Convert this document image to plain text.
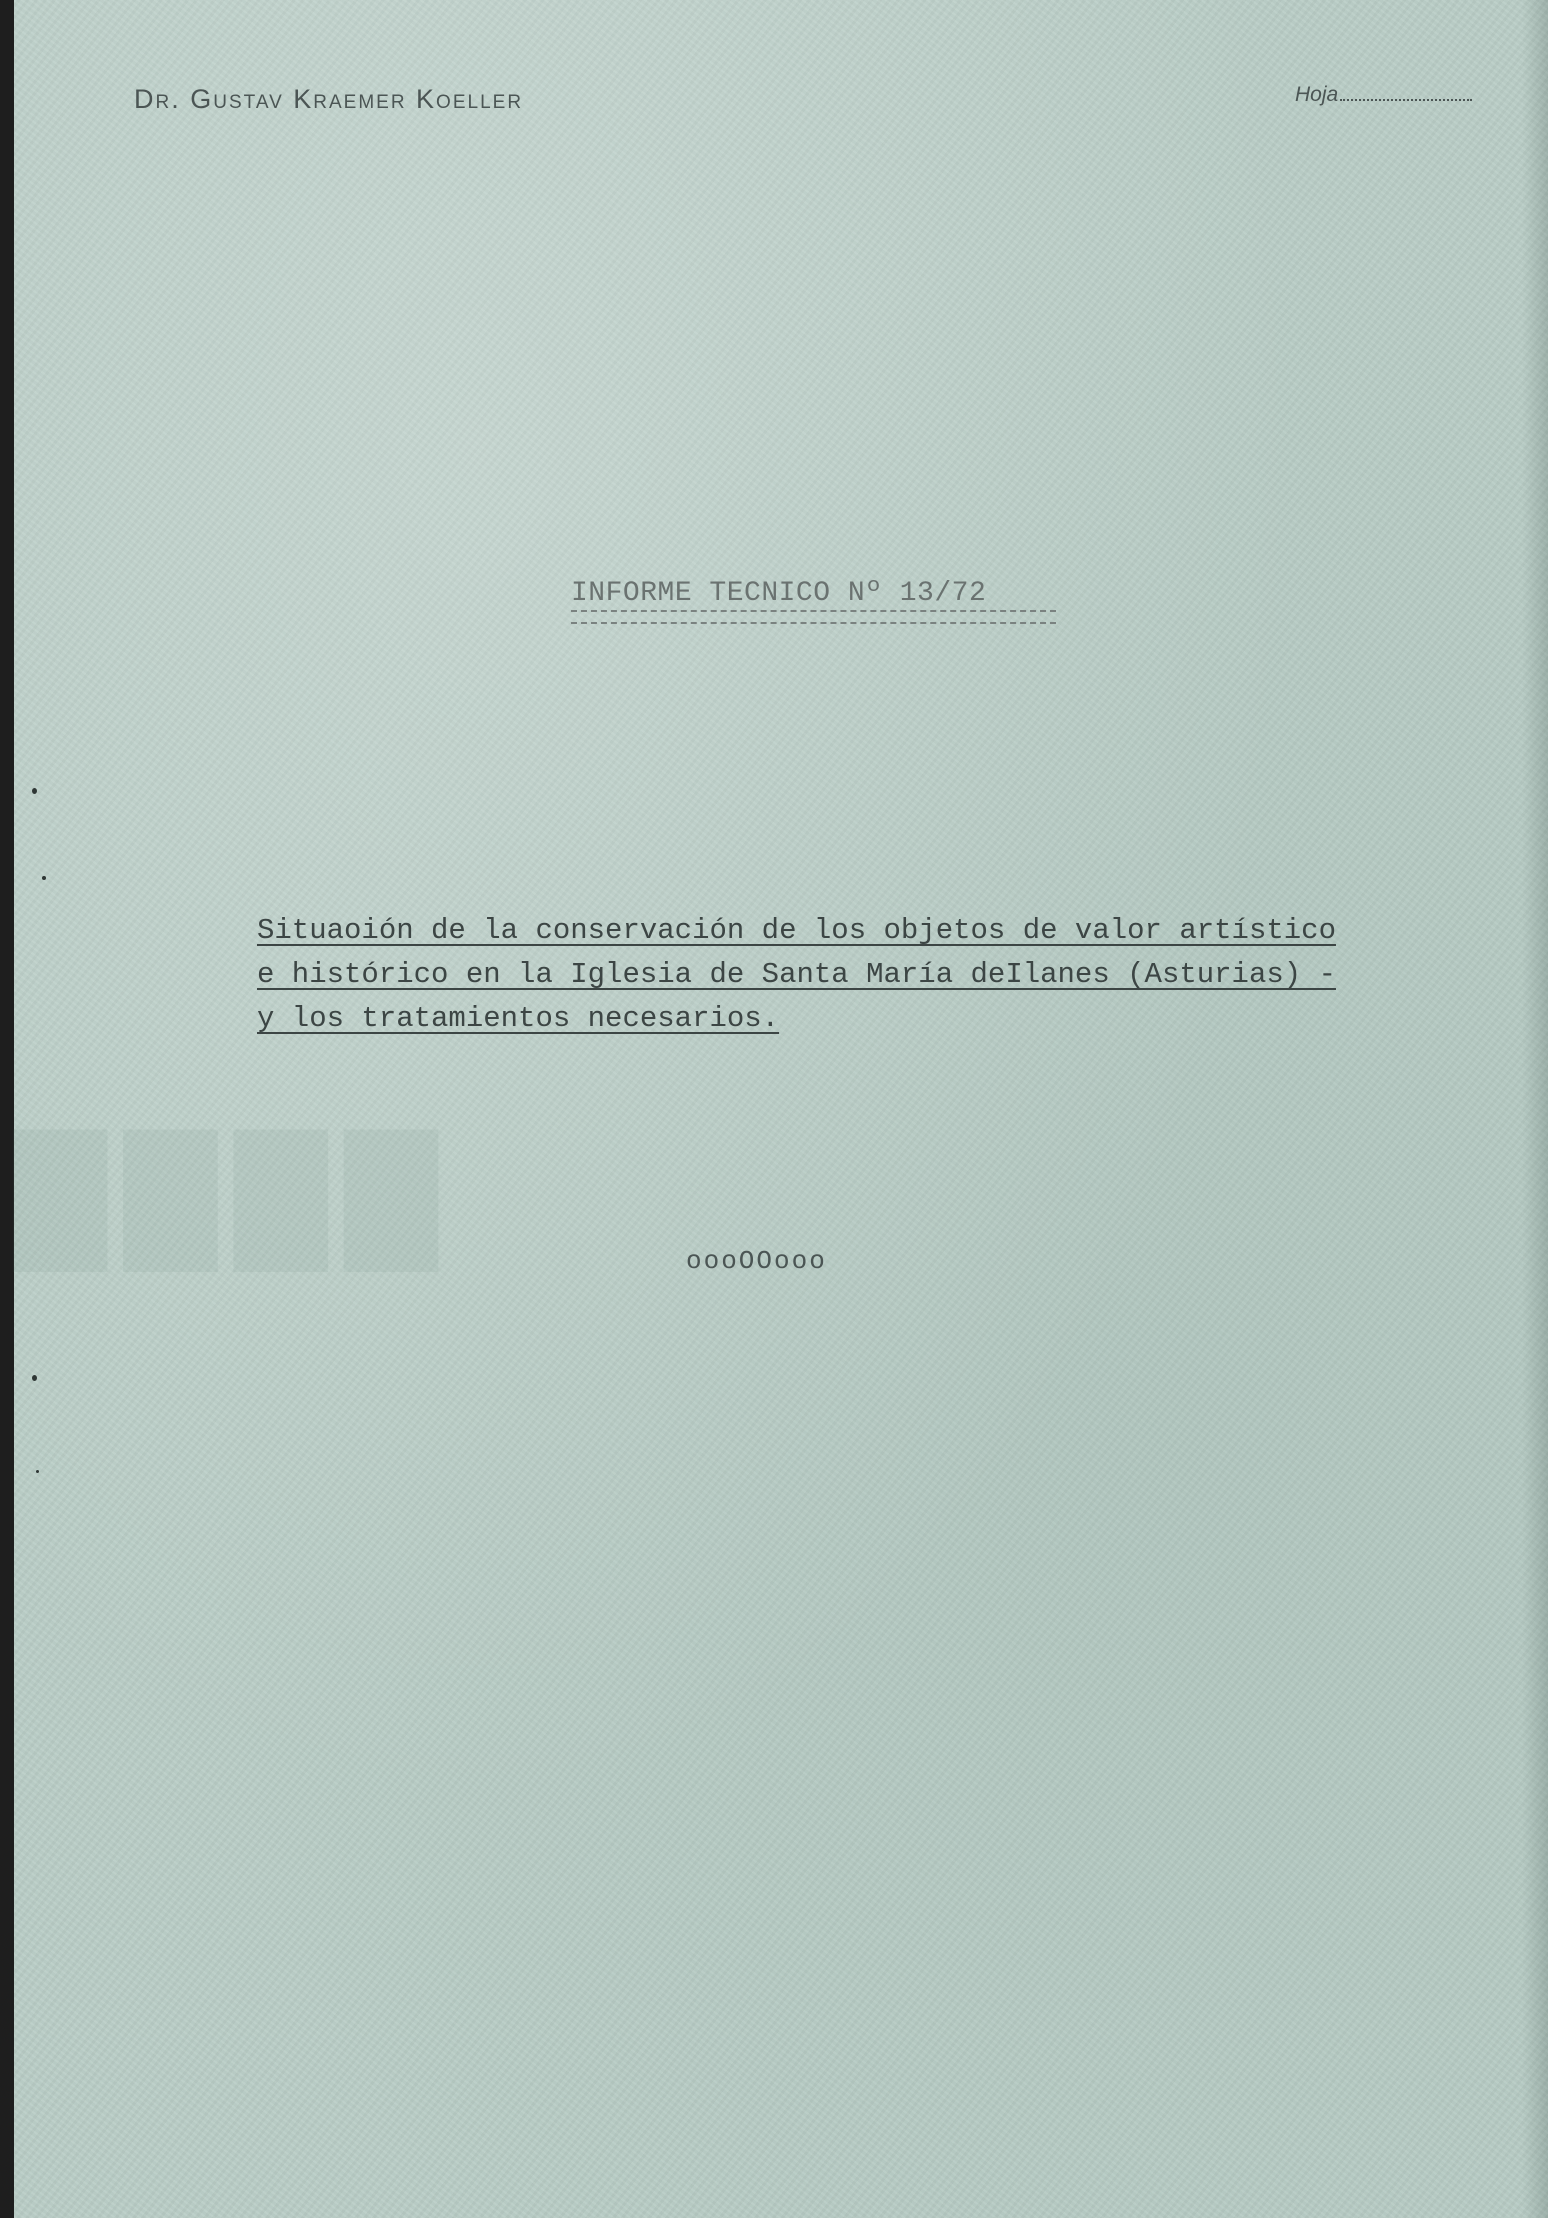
████
Dr. Gustav Kraemer Koeller	Hoja
INFORME TECNICO Nº 13/72
Situaoión de la conservación de los objetos de valor artístico
e histórico en la Iglesia de Santa María deIlanes (Asturias) -
y los tratamientos necesarios.
oooOOooo
